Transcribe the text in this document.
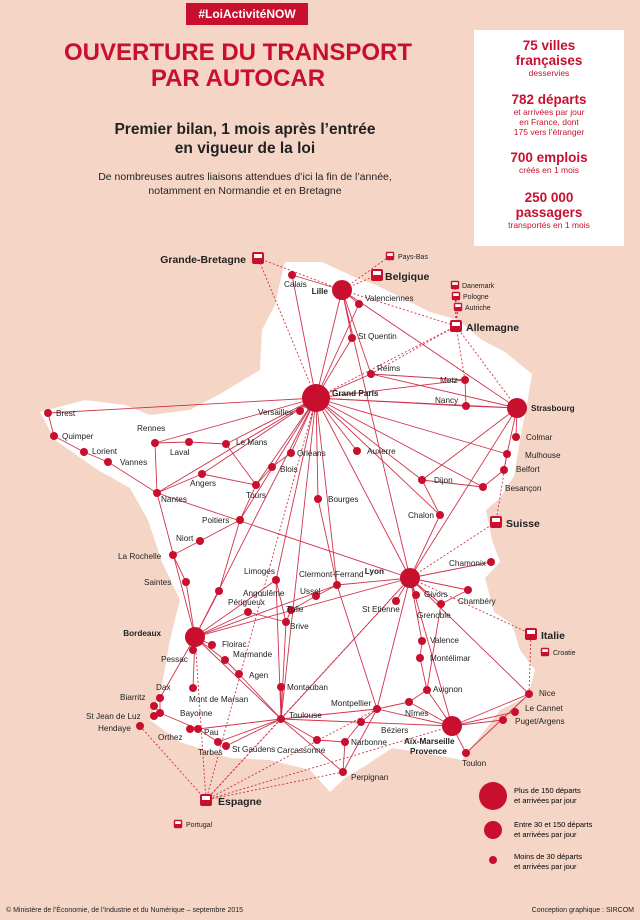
Grand Paris
Lille
Strasbourg
Lyon
Bordeaux
Aix-Marseille Provence
Calais
Valenciennes
St Quentin
Reims
Metz
Nancy
Versailles
Brest
Quimper
Lorient
Vannes
Rennes
Laval
Le Mans
Orléans
Blois
Angers
Tours
Nantes
Auxerre
Colmar
Mulhouse
Belfort
Besançon
Dijon
Chalon
Bourges
Poitiers
Niort
La Rochelle
Saintes
Angoulême
Limoges
Périgueux
Clermont-Ferrand
Ussel
Tulle
Brive
St Etienne
Givors
Chamonix
Chambéry
Grenoble
Valence
Montélimar
Avignon
Nîmes
Montpellier
Béziers
Narbonne
Perpignan
Carcassonne
Toulouse
Montauban
Agen
Marmande
Floirac
Pessac
Dax
Mont de Marsan
Biarritz
Bayonne
St Jean de Luz
Hendaye
Orthez
Pau
Tarbes St Gaudens
Toulon
Nice
Le Cannet
Puget/Argens
Grande-Bretagne	Pays-Bas
Belgique
Danemark
Pologne
Autriche
Allemagne
Suisse
Italie
Croatie
Espagne
Portugal
Plus de 150 départs
et arrivées par jour
Entre 30 et 150 départs
et arrivées par jour
Moins de 30 départs
et arrivées par jour
#LoiActivitéNOW
OUVERTURE DU TRANSPORT
PAR AUTOCAR
Premier bilan, 1 mois après l’entrée
en vigueur de la loi
De nombreuses autres liaisons attendues d’ici la fin de l’année,
notamment en Normandie et en Bretagne
75 villes
françaises
desservies
782 départs
et arrivées par jour
en France, dont
175 vers l’étranger
700 emplois
créés en 1 mois
250 000
passagers
transportés en 1 mois
© Ministère de l’Économie, de l’Industrie et du Numérique – septembre 2015	Conception graphique : SIRCOM
